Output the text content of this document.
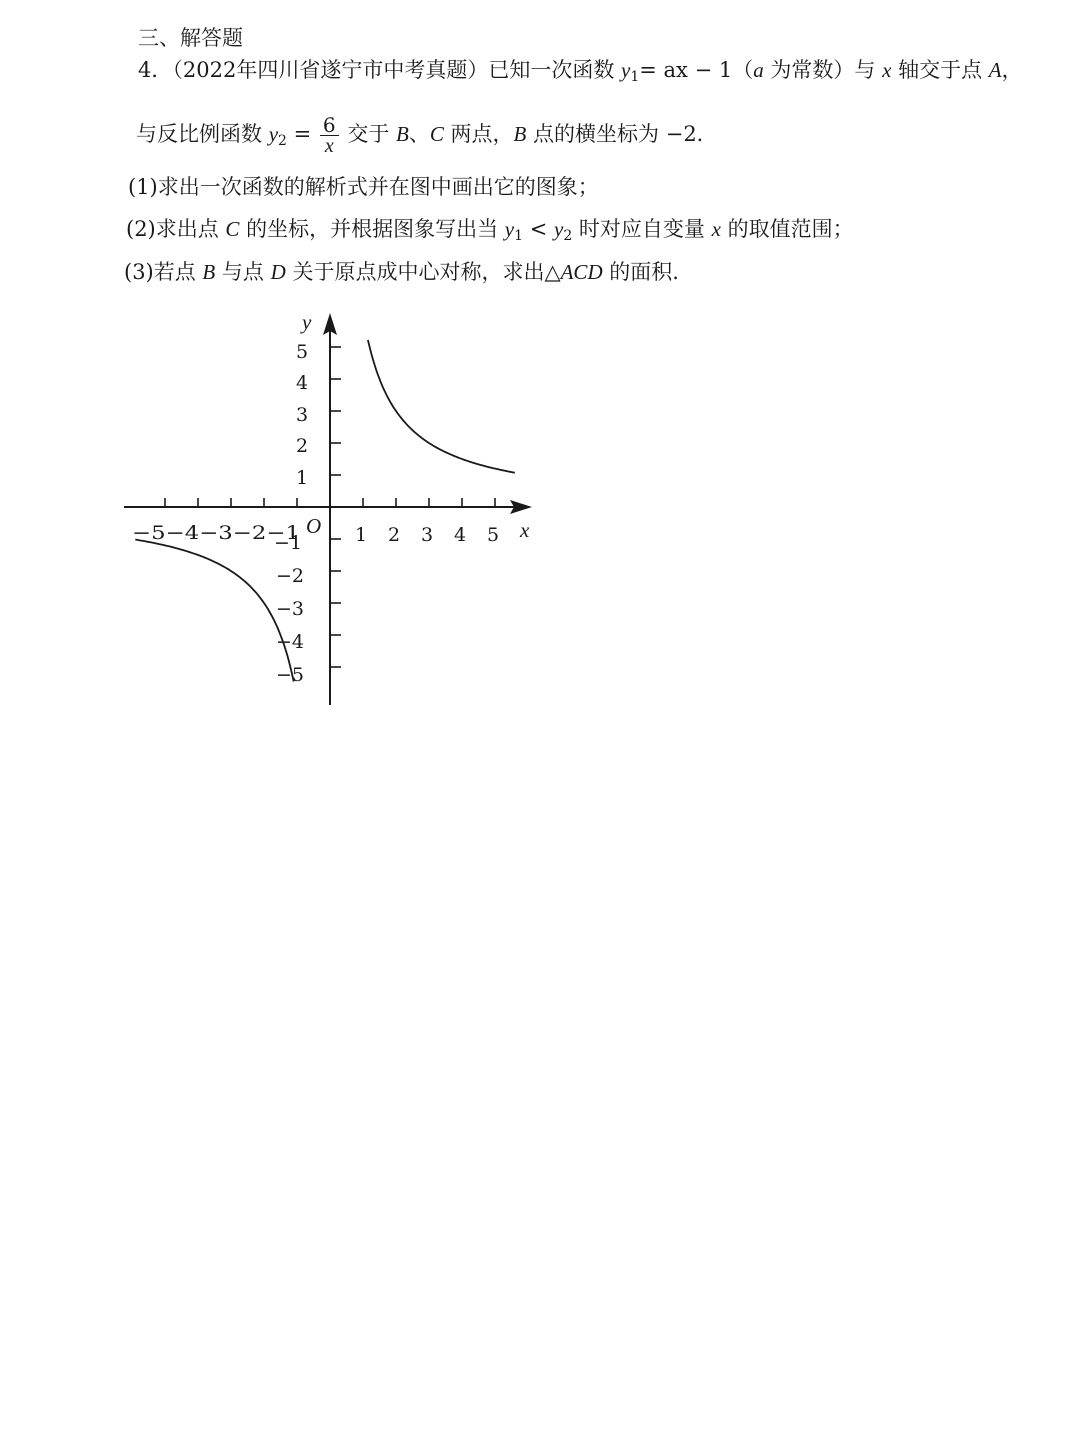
三、解答题
4．（2022年四川省遂宁市中考真题）已知一次函数 $y_1=$ ax − 1（a 为常数）与 x 轴交于点 A，
与反比例函数 $y_2 = \frac{6}{x}$ 交于 B、C 两点，B 点的横坐标为 −2．
(1)求出一次函数的解析式并在图中画出它的图象；
(2)求出点 C 的坐标，并根据图象写出当 $y_1 < y_2$ 时对应自变量 x 的取值范围；
(3)若点 B 与点 D 关于原点成中心对称，求出△ACD 的面积.
x
y
O 1 2 3 4 5
−5−4−3−2−1
5
4
3
2
1
−1
−2
−3
−4
−5
